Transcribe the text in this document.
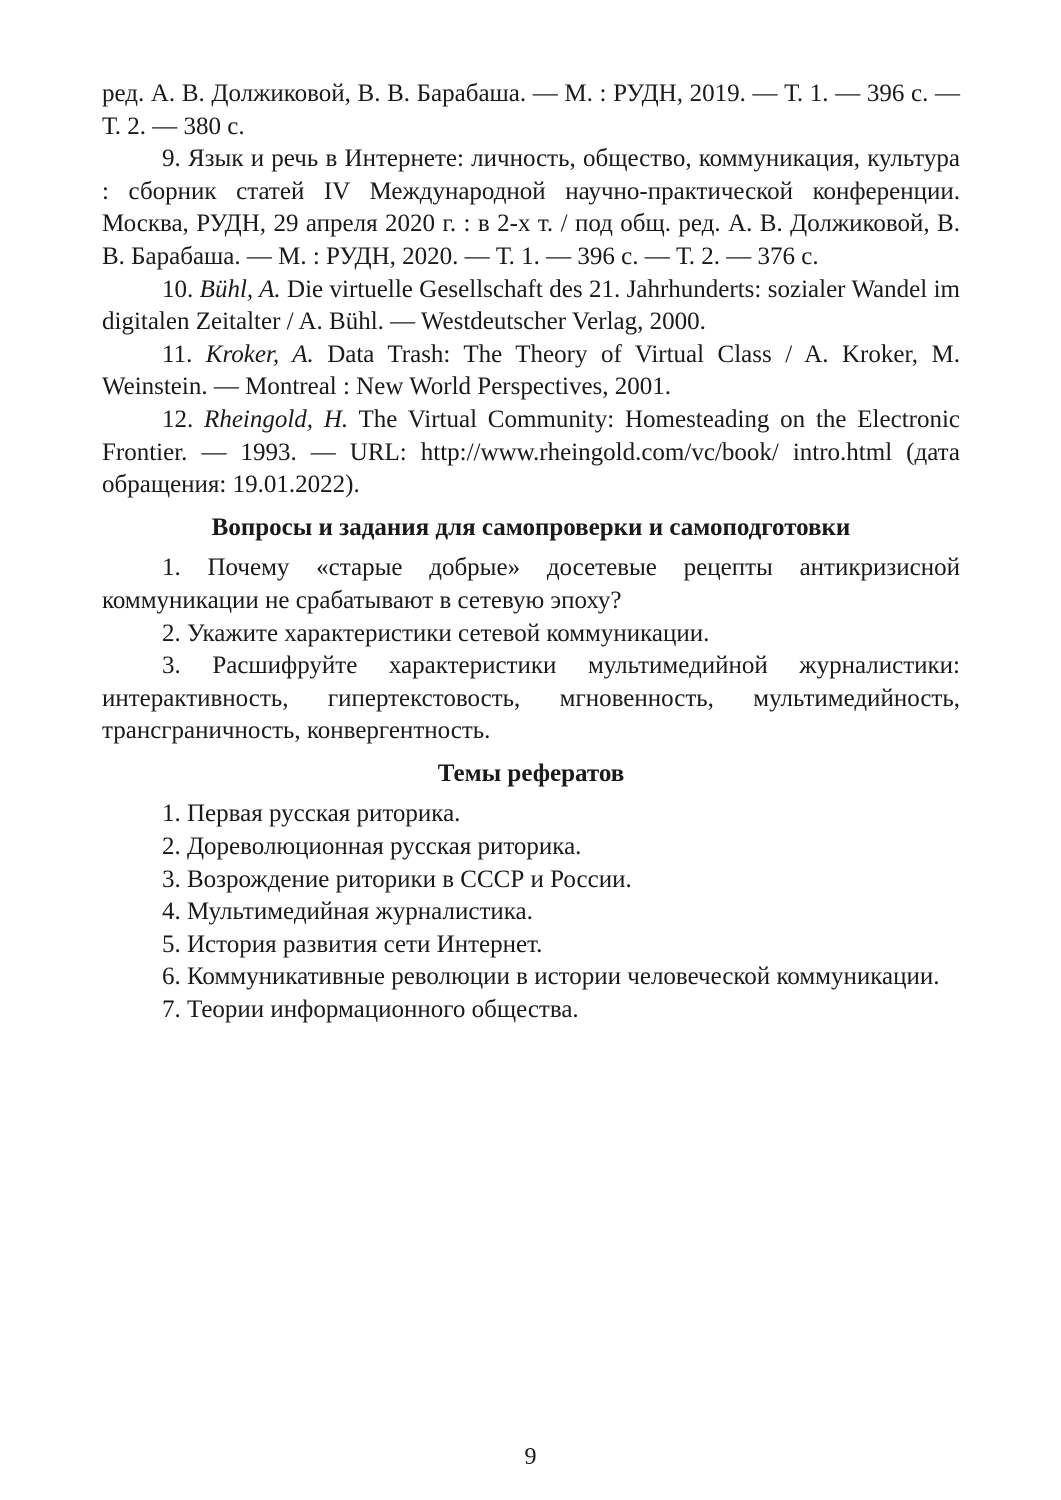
ред. А. В. Должиковой, В. В. Барабаша. — М. : РУДН, 2019. — Т. 1. — 396 с. — Т. 2. — 380 с.

9. Язык и речь в Интернете: личность, общество, коммуникация, культура : сборник статей IV Международной научно-практической конференции. Москва, РУДН, 29 апреля 2020 г. : в 2-х т. / под общ. ред. А. В. Должиковой, В. В. Барабаша. — М. : РУДН, 2020. — Т. 1. — 396 с. — Т. 2. — 376 с.

10. Bühl, A. Die virtuelle Gesellschaft des 21. Jahrhunderts: sozialer Wandel im digitalen Zeitalter / A. Bühl. — Westdeutscher Verlag, 2000.

11. Kroker, A. Data Trash: The Theory of Virtual Class / A. Kroker, M. Weinstein. — Montreal : New World Perspectives, 2001.

12. Rheingold, H. The Virtual Community: Homesteading on the Electronic Frontier. — 1993. — URL: http://www.rheingold.com/vc/book/ intro.html (дата обращения: 19.01.2022).

Вопросы и задания для самопроверки и самоподготовки

1. Почему «старые добрые» досетевые рецепты антикризисной коммуникации не срабатывают в сетевую эпоху?

2. Укажите характеристики сетевой коммуникации.

3. Расшифруйте характеристики мультимедийной журналистики: интерактивность, гипертекстовость, мгновенность, мультимедийность, трансграничность, конвергентность.

Темы рефератов

1. Первая русская риторика.

2. Дореволюционная русская риторика.

3. Возрождение риторики в СССР и России.

4. Мультимедийная журналистика.

5. История развития сети Интернет.

6. Коммуникативные революции в истории человеческой коммуникации.

7. Теории информационного общества.

9
